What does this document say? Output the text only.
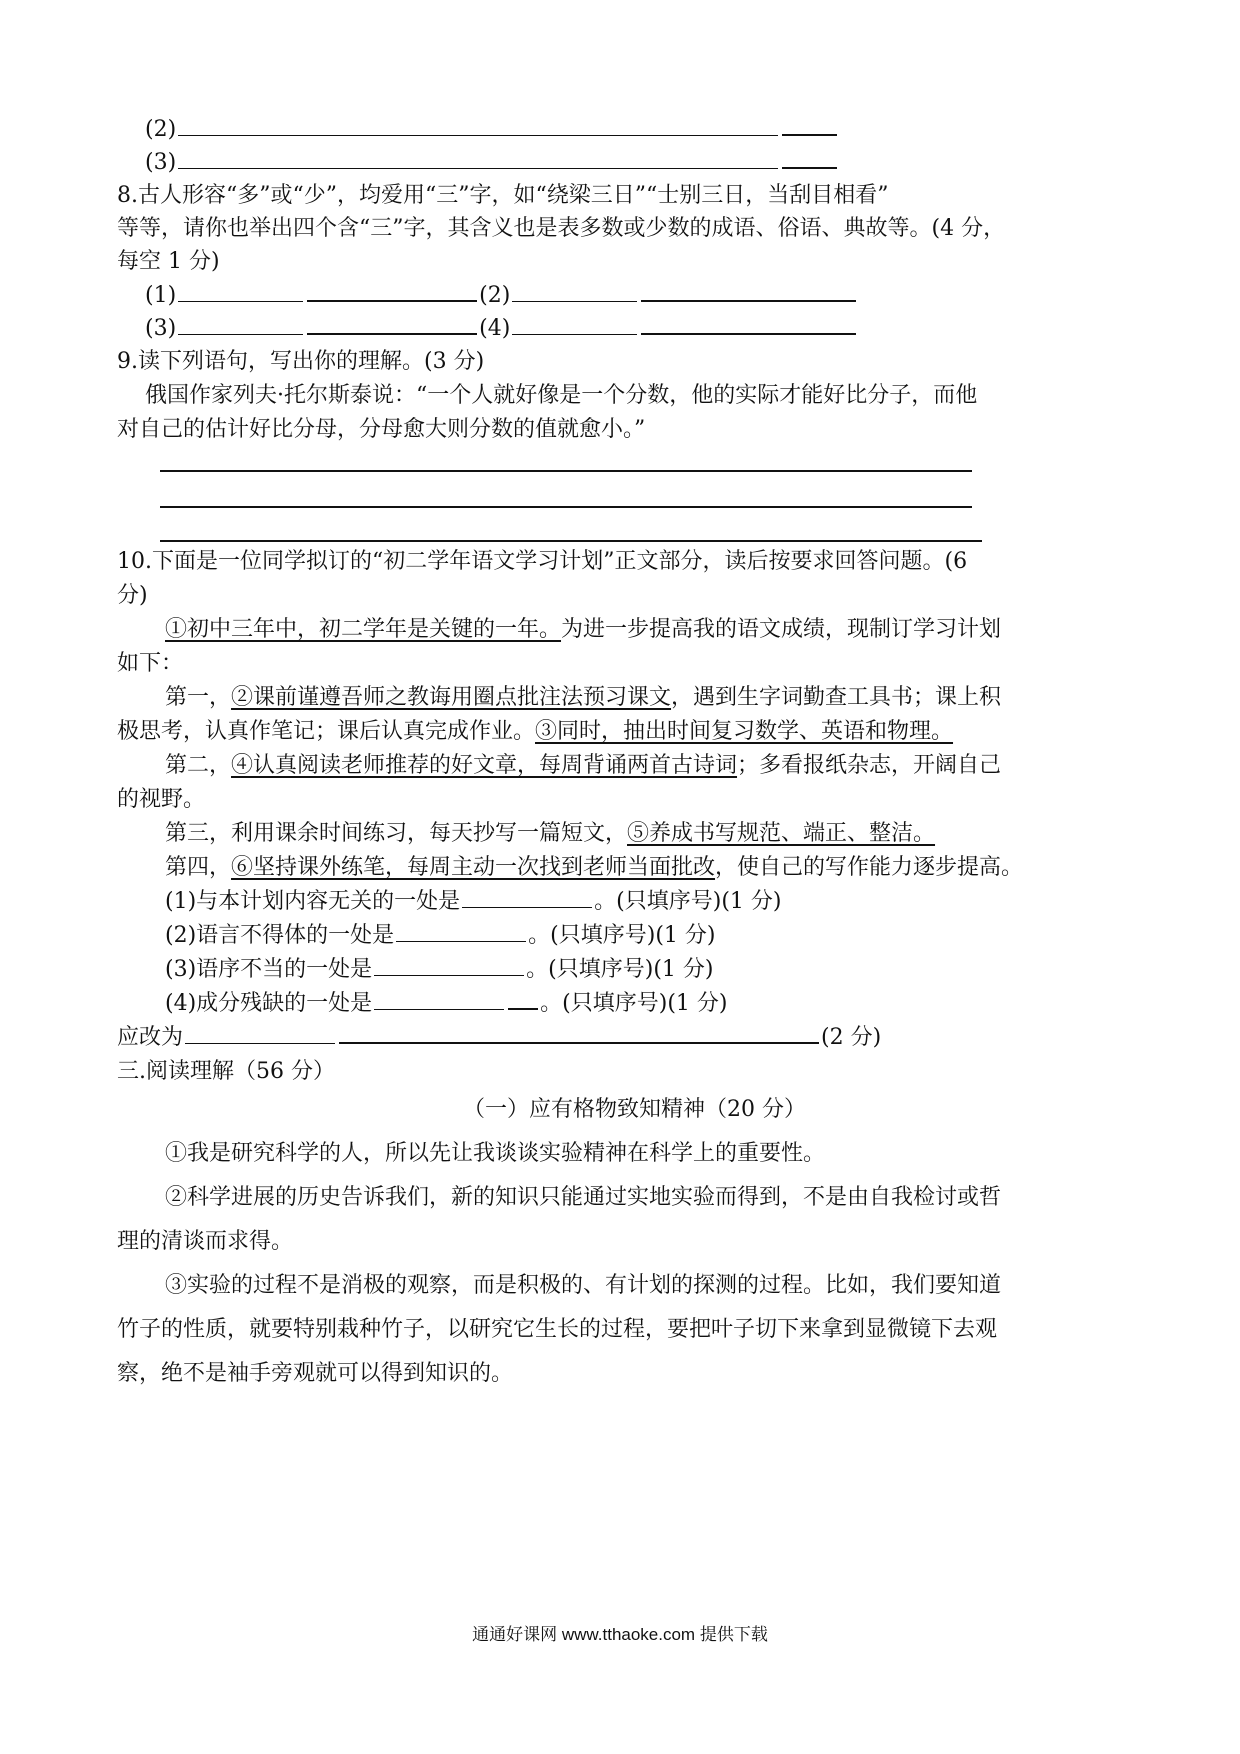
(2)
(3)
8.古人形容“多”或“少”，均爱用“三”字，如“绕梁三日”“士别三日，当刮目相看”
等等，请你也举出四个含“三”字，其含义也是表多数或少数的成语、俗语、典故等。(4 分，
每空 1 分)
(1)	(2)
(3)	(4)
9.读下列语句，写出你的理解。(3 分)
俄国作家列夫·托尔斯泰说：“一个人就好像是一个分数，他的实际才能好比分子，而他
对自己的估计好比分母，分母愈大则分数的值就愈小。”
10.下面是一位同学拟订的“初二学年语文学习计划”正文部分，读后按要求回答问题。(6
分)
①初中三年中，初二学年是关键的一年。为进一步提高我的语文成绩，现制订学习计划
如下：
第一，②课前谨遵吾师之教诲用圈点批注法预习课文，遇到生字词勤查工具书；课上积
极思考，认真作笔记；课后认真完成作业。③同时，抽出时间复习数学、英语和物理。
第二，④认真阅读老师推荐的好文章，每周背诵两首古诗词；多看报纸杂志，开阔自己
的视野。
第三，利用课余时间练习，每天抄写一篇短文，⑤养成书写规范、端正、整洁。
第四，⑥坚持课外练笔，每周主动一次找到老师当面批改，使自己的写作能力逐步提高。
(1)与本计划内容无关的一处是	。(只填序号)(1 分)
(2)语言不得体的一处是	。(只填序号)(1 分)
(3)语序不当的一处是	。(只填序号)(1 分)
(4)成分残缺的一处是	。(只填序号)(1 分)
应改为	(2 分)
三.阅读理解（56 分）
（一）应有格物致知精神（20 分）
①我是研究科学的人，所以先让我谈谈实验精神在科学上的重要性。
②科学进展的历史告诉我们，新的知识只能通过实地实验而得到，不是由自我检讨或哲
理的清谈而求得。
③实验的过程不是消极的观察，而是积极的、有计划的探测的过程。比如，我们要知道
竹子的性质，就要特别栽种竹子，以研究它生长的过程，要把叶子切下来拿到显微镜下去观
察，绝不是袖手旁观就可以得到知识的。
通通好课网 www.tthaoke.com 提供下载
